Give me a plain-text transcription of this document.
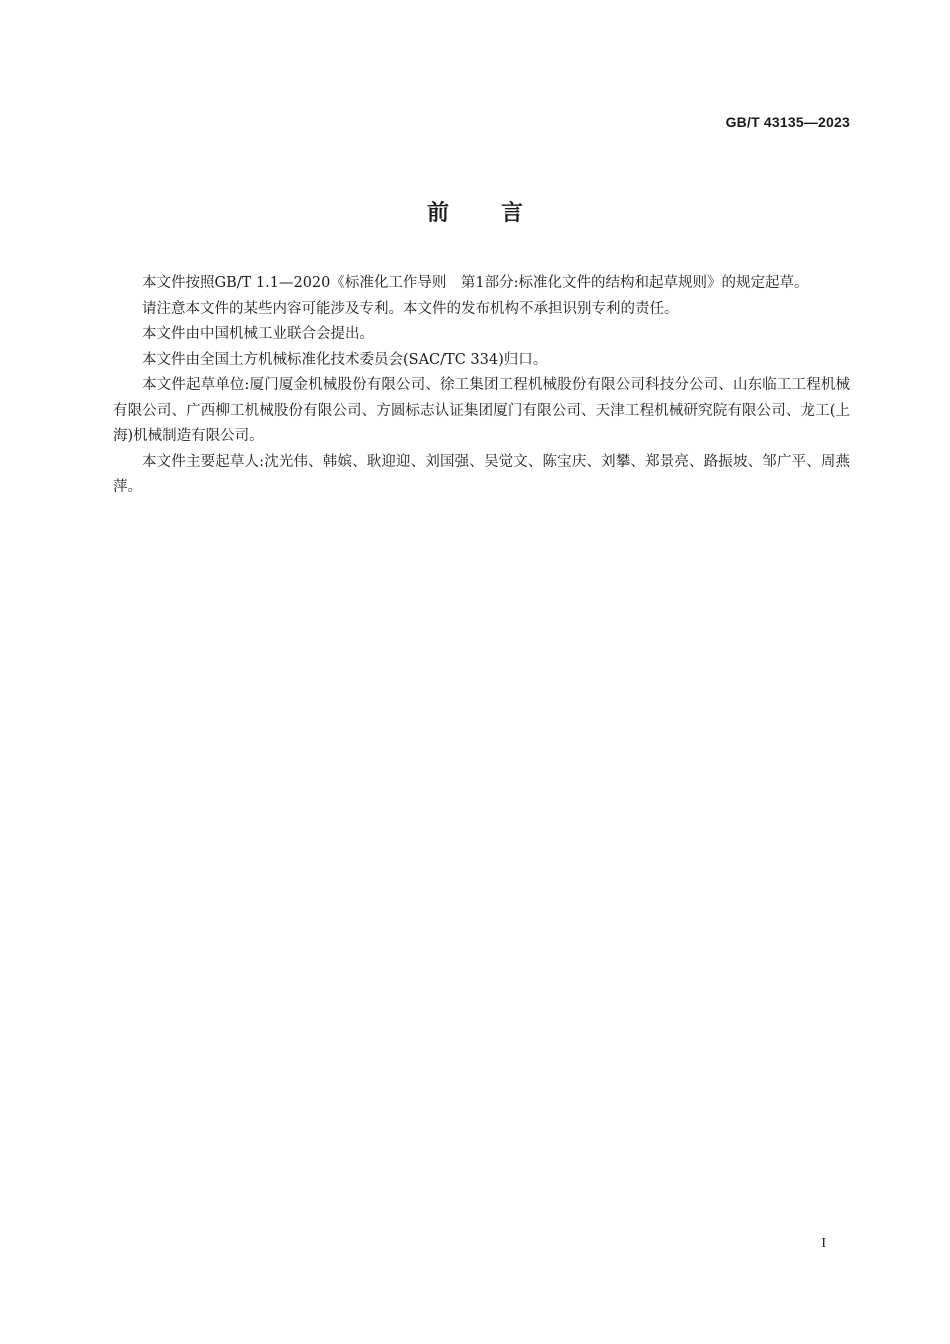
GB/T 43135—2023
前言

本文件按照GB/T 1.1—2020《标准化工作导则　第1部分:标准化文件的结构和起草规则》的规定起草。

请注意本文件的某些内容可能涉及专利。本文件的发布机构不承担识别专利的责任。

本文件由中国机械工业联合会提出。

本文件由全国土方机械标准化技术委员会(SAC/TC 334)归口。

本文件起草单位:厦门厦金机械股份有限公司、徐工集团工程机械股份有限公司科技分公司、山东临工工程机械有限公司、广西柳工机械股份有限公司、方圆标志认证集团厦门有限公司、天津工程机械研究院有限公司、龙工(上海)机械制造有限公司。

本文件主要起草人:沈光伟、韩嫔、耿迎迎、刘国强、吴觉文、陈宝庆、刘攀、郑景亮、路振坡、邹广平、周燕萍。

I
